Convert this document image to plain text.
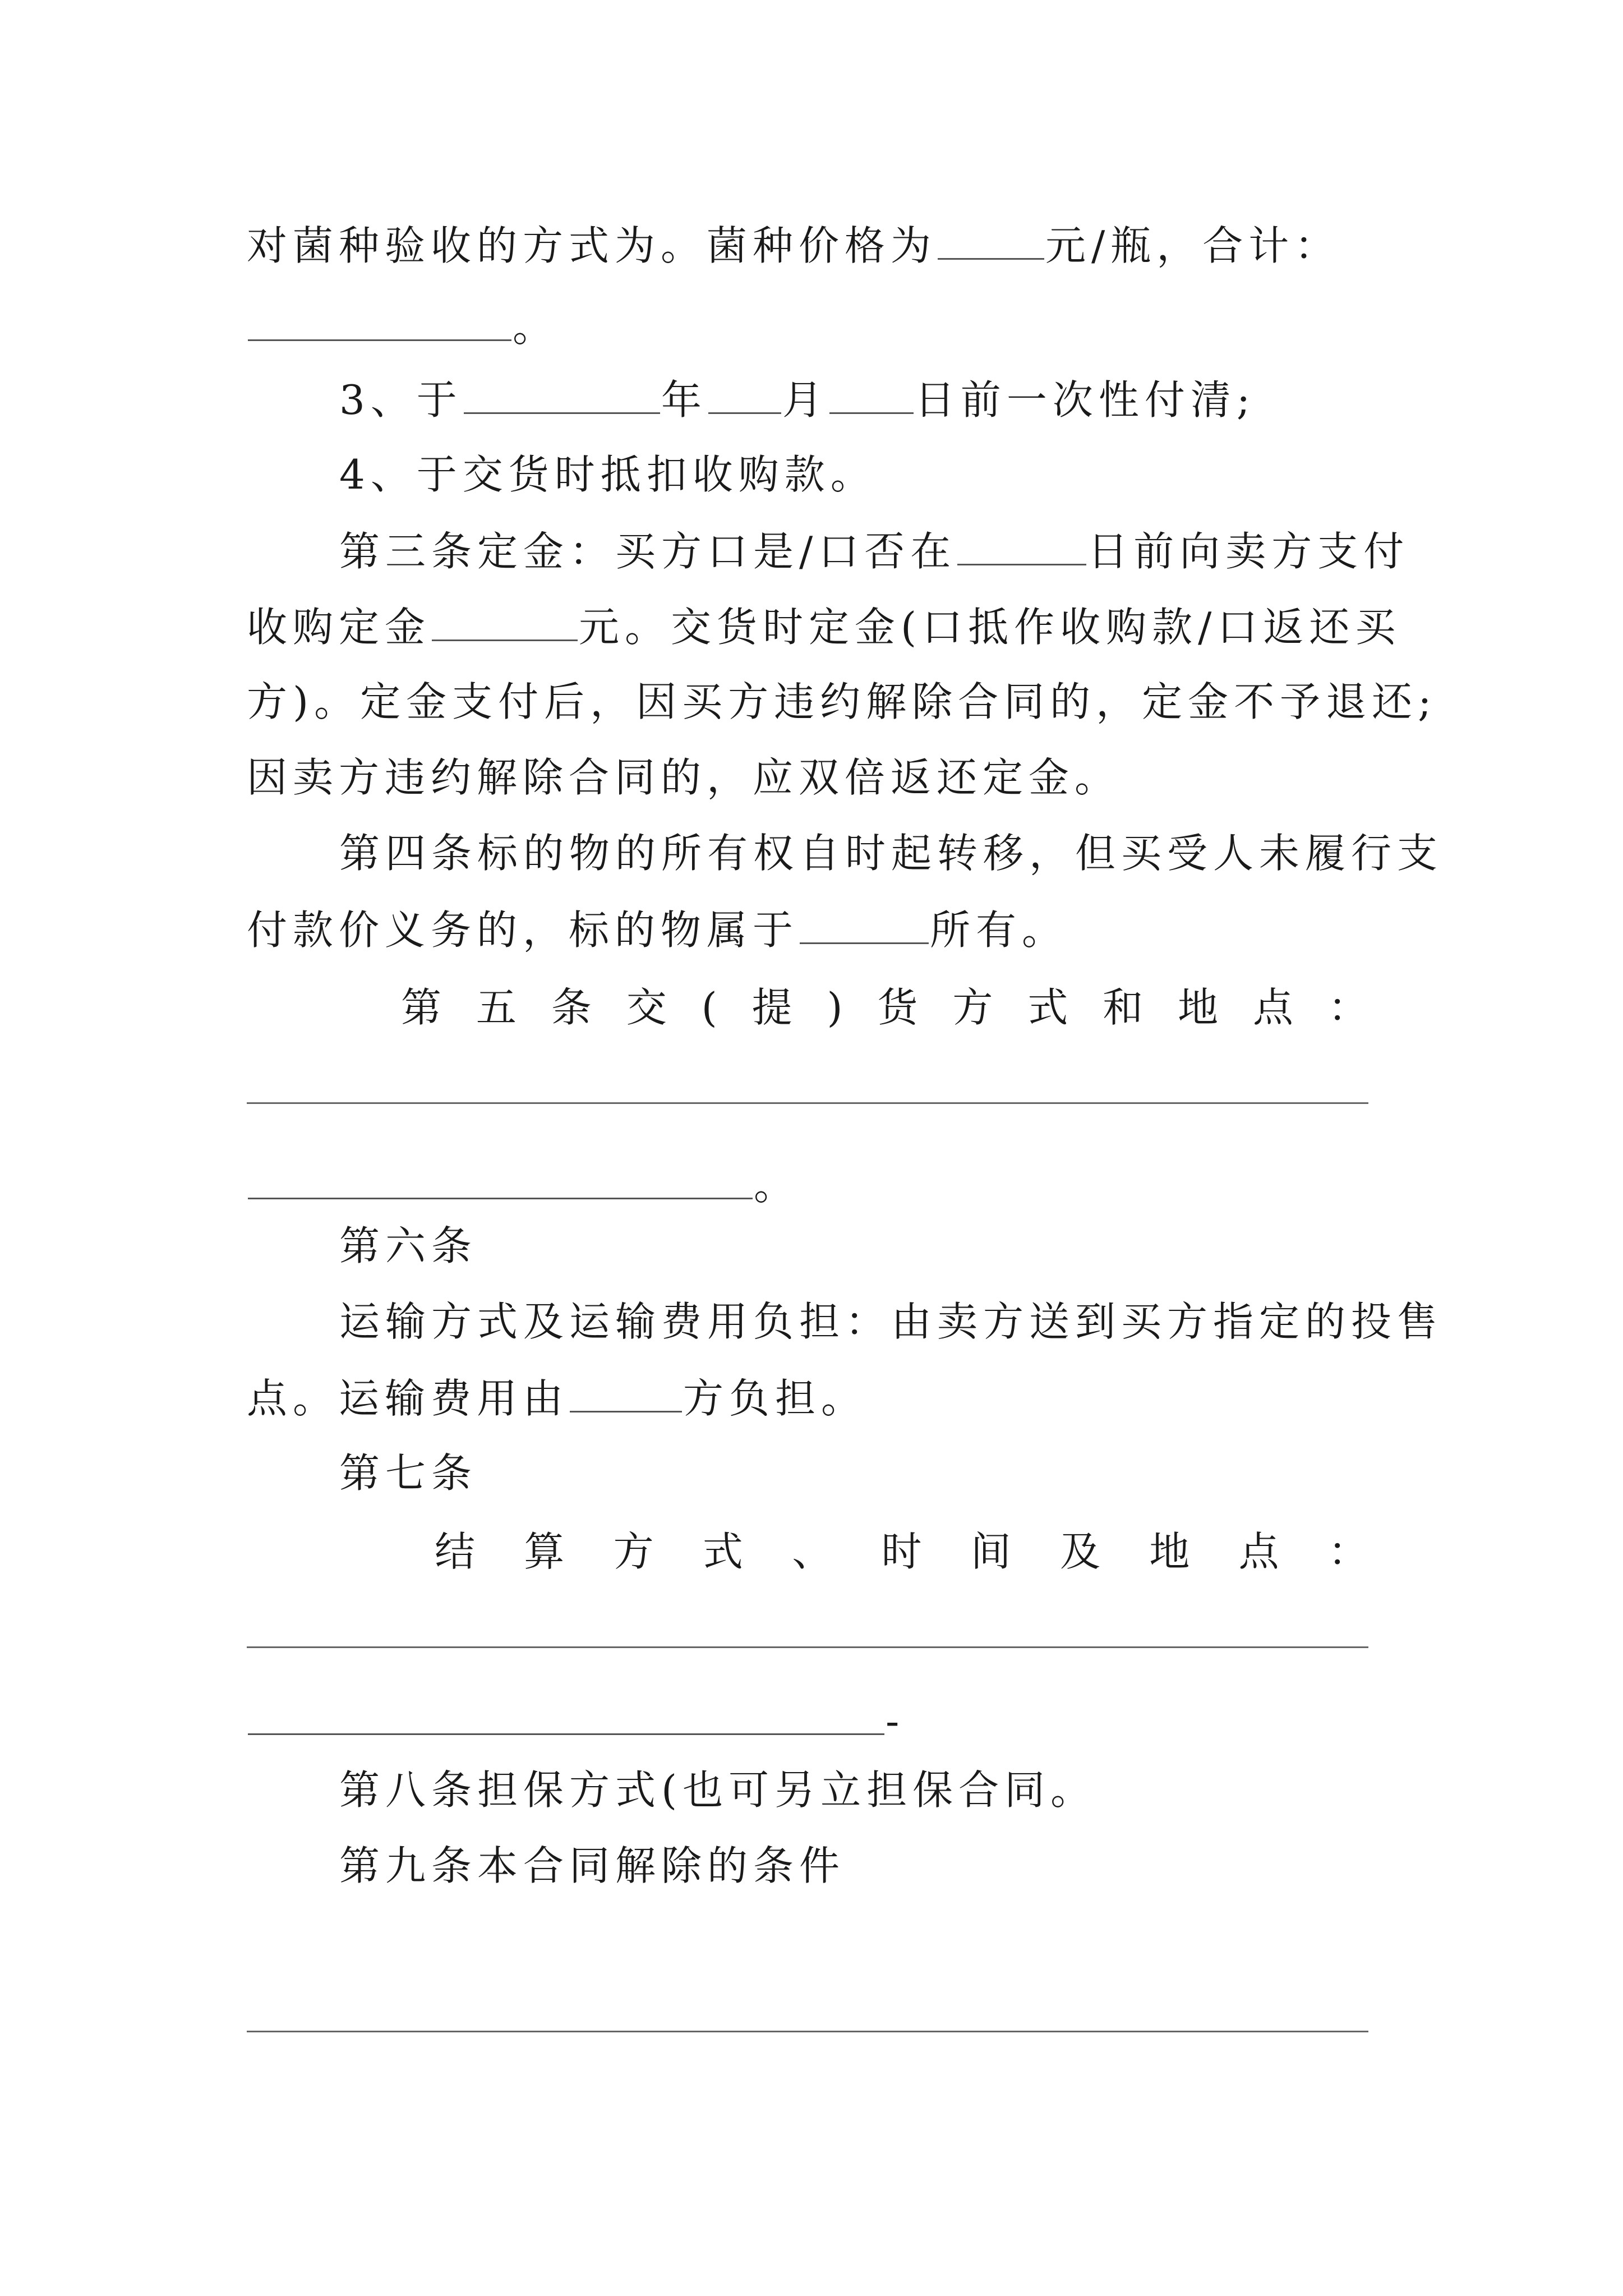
对菌种验收的方式为。菌种价格为	元/瓶，合计：
。
3、于	年 月 日前一次性付清;
4、于交货时抵扣收购款。
第三条定金：买方口是/口否在	日前向卖方支付
收购定金	元。交货时定金(口抵作收购款/口返还买
方)。定金支付后，因买方违约解除合同的，定金不予退还;
因卖方违约解除合同的，应双倍返还定金。
第四条标的物的所有权自时起转移，但买受人未履行支
付款价义务的，标的物属于	所有。
第 五 条 交 ( 提 ) 货 方 式 和 地 点 ：
。
第六条
运输方式及运输费用负担：由卖方送到买方指定的投售
点。运输费用由	方负担。
第七条
结 算 方 式 、 时 间 及 地 点 ：
-
第八条担保方式(也可另立担保合同。
第九条本合同解除的条件
